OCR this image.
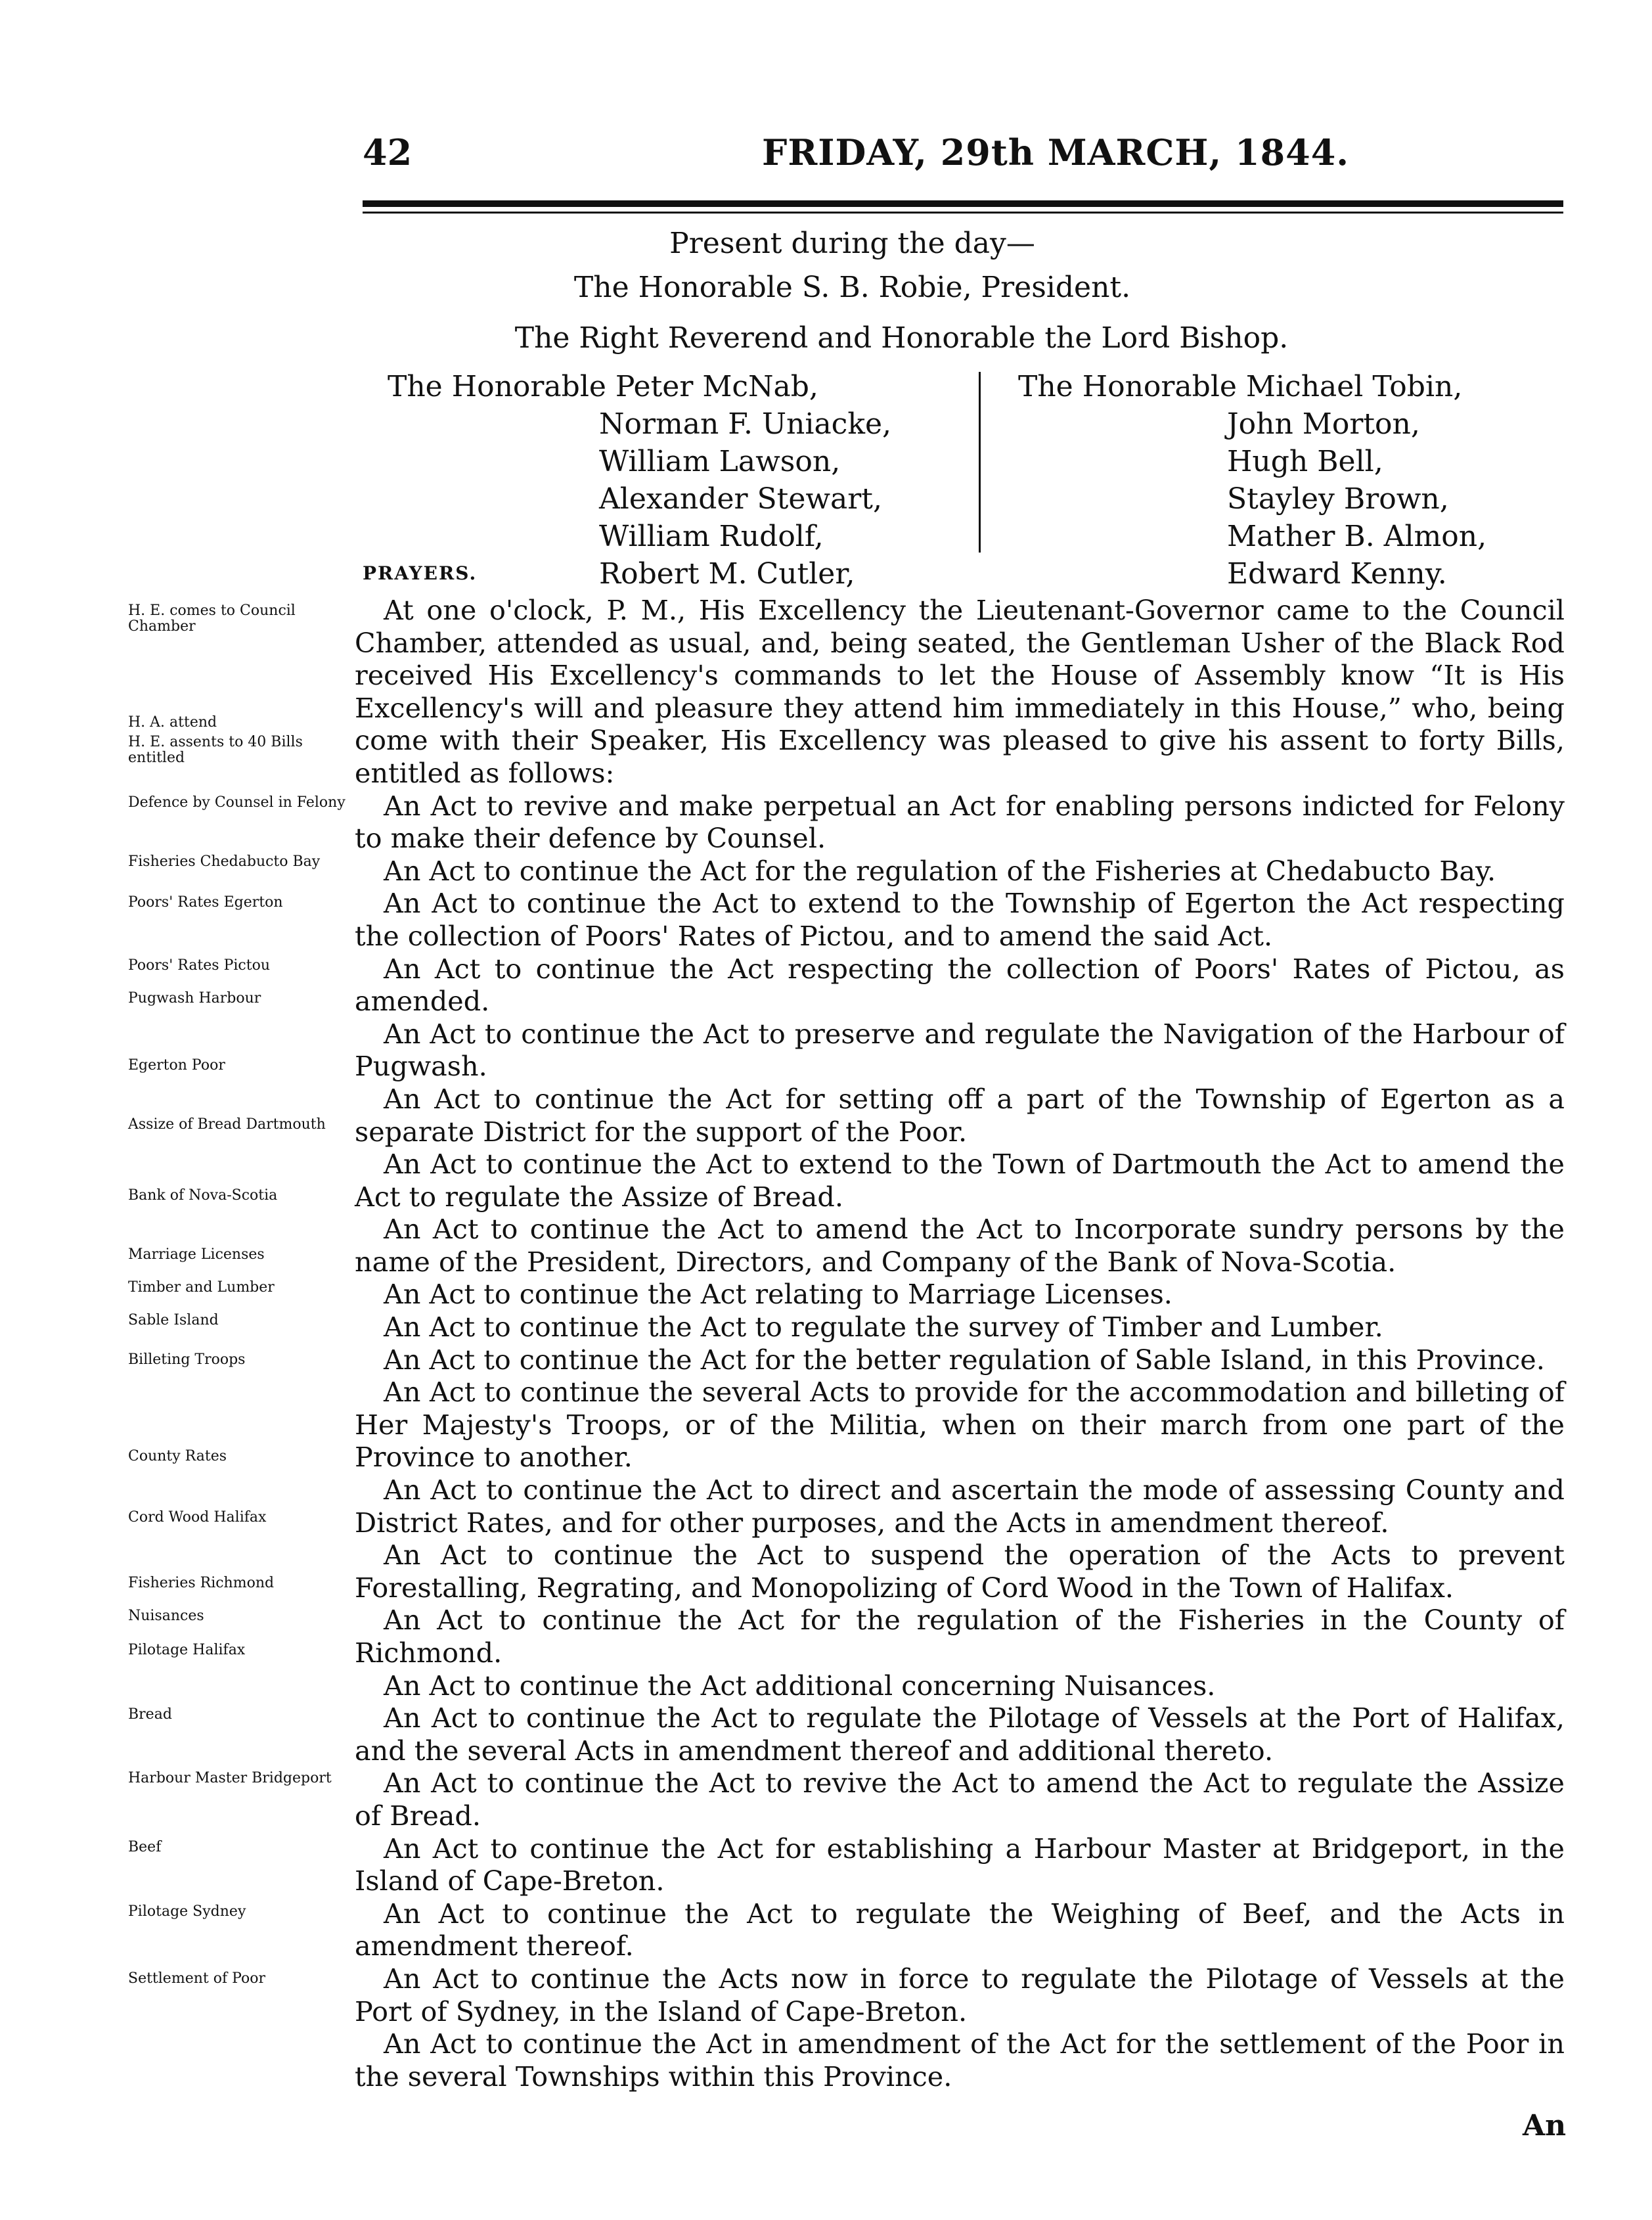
42	FRIDAY, 29th MARCH, 1844.
Present during the day—
The Honorable S. B. Robie, President.
The Right Reverend and Honorable the Lord Bishop.
The Honorable Peter McNab,
Norman F. Uniacke,
William Lawson,
Alexander Stewart,
William Rudolf,
Robert M. Cutler,
The Honorable Michael Tobin,
John Morton,
Hugh Bell,
Stayley Brown,
Mather B. Almon,
Edward Kenny.
PRAYERS.

At one o'clock, P. M., His Excellency the Lieutenant-Governor came to the Council Chamber, attended as usual, and, being seated, the Gentleman Usher of the Black Rod received His Excellency's commands to let the House of Assembly know “It is His Excellency's will and pleasure they attend him immediately in this House,” who, being come with their Speaker, His Excellency was pleased to give his assent to forty Bills, entitled as follows:

An Act to revive and make perpetual an Act for enabling persons indicted for Felony to make their defence by Counsel.

An Act to continue the Act for the regulation of the Fisheries at Chedabucto Bay.

An Act to continue the Act to extend to the Township of Egerton the Act respecting the collection of Poors' Rates of Pictou, and to amend the said Act.

An Act to continue the Act respecting the collection of Poors' Rates of Pictou, as amended.

An Act to continue the Act to preserve and regulate the Navigation of the Harbour of Pugwash.

An Act to continue the Act for setting off a part of the Township of Egerton as a separate District for the support of the Poor.

An Act to continue the Act to extend to the Town of Dartmouth the Act to amend the Act to regulate the Assize of Bread.

An Act to continue the Act to amend the Act to Incorporate sundry persons by the name of the President, Directors, and Company of the Bank of Nova-Scotia.

An Act to continue the Act relating to Marriage Licenses.

An Act to continue the Act to regulate the survey of Timber and Lumber.

An Act to continue the Act for the better regulation of Sable Island, in this Province.

An Act to continue the several Acts to provide for the accommodation and billeting of Her Majesty's Troops, or of the Militia, when on their march from one part of the Province to another.

An Act to continue the Act to direct and ascertain the mode of assessing County and District Rates, and for other purposes, and the Acts in amendment thereof.

An Act to continue the Act to suspend the operation of the Acts to prevent Forestalling, Regrating, and Monopolizing of Cord Wood in the Town of Halifax.

An Act to continue the Act for the regulation of the Fisheries in the County of Richmond.

An Act to continue the Act additional concerning Nuisances.

An Act to continue the Act to regulate the Pilotage of Vessels at the Port of Halifax, and the several Acts in amendment thereof and additional thereto.

An Act to continue the Act to revive the Act to amend the Act to regulate the Assize of Bread.

An Act to continue the Act for establishing a Harbour Master at Bridgeport, in the Island of Cape-Breton.

An Act to continue the Act to regulate the Weighing of Beef, and the Acts in amendment thereof.

An Act to continue the Acts now in force to regulate the Pilotage of Vessels at the Port of Sydney, in the Island of Cape-Breton.

An Act to continue the Act in amendment of the Act for the settlement of the Poor in the several Townships within this Province.

H. E. comes to Council Chamber
H. A. attend
H. E. assents to 40 Bills entitled
Defence by Counsel in Felony
Fisheries Chedabucto Bay
Poors' Rates Egerton
Poors' Rates Pictou
Pugwash Harbour
Egerton Poor
Assize of Bread Dartmouth
Bank of Nova-Scotia
Marriage Licenses
Timber and Lumber
Sable Island
Billeting Troops
County Rates
Cord Wood Halifax
Fisheries Richmond
Nuisances
Pilotage Halifax
Bread
Harbour Master Bridgeport
Beef
Pilotage Sydney
Settlement of Poor
An
